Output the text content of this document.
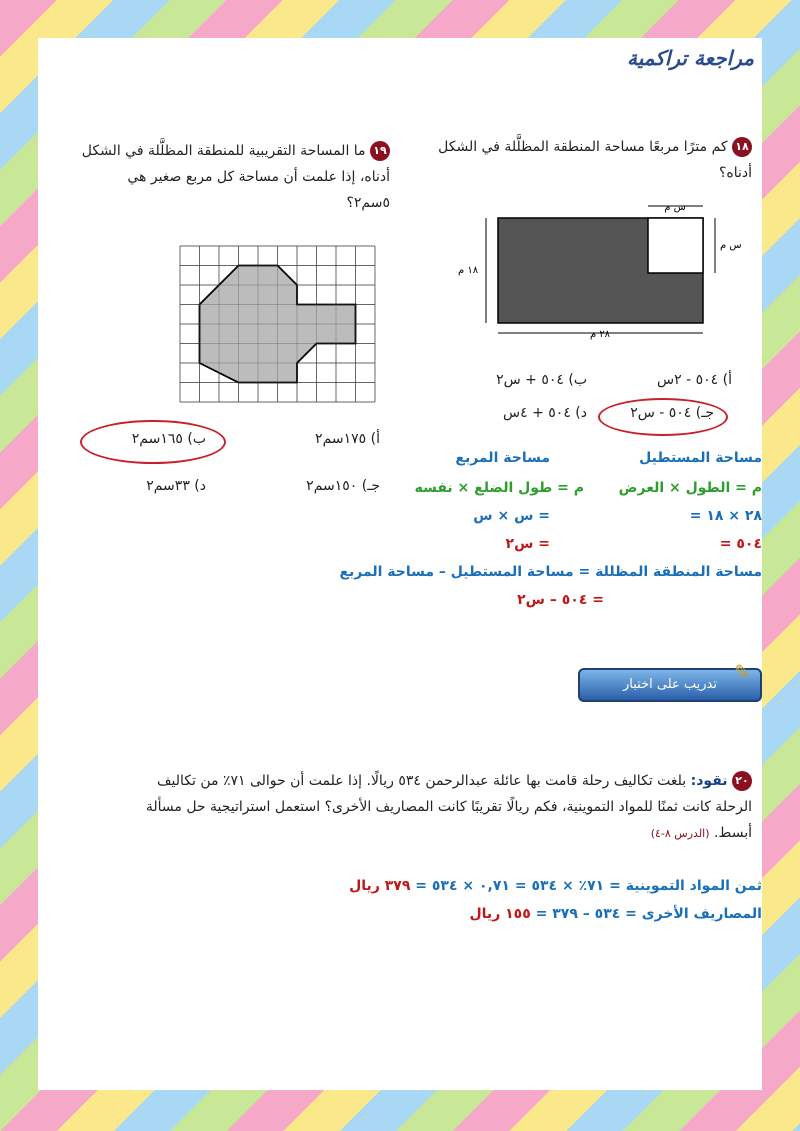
مراجعة تراكمية
١٨ كم مترًا مربعًا مساحة المنطقة المظلَّلة في الشكل
أدناه؟
س م
س م
١٨ م
٢٨ م
أ) ٥٠٤ - ٢س
ب) ٥٠٤ + س٢
جـ) ٥٠٤ - س٢
د) ٥٠٤ + ٤س
مساحة المستطيل
مساحة المربع
م = الطول × العرض
م = طول الضلع × نفسه
= ٢٨ × ١٨
= س × س
= ٥٠٤
= س٢
مساحة المنطقة المظللة = مساحة المستطيل – مساحة المربع
= ٥٠٤ – س٢
١٩ ما المساحة التقريبية للمنطقة المظلَّلة في الشكل
أدناه، إذا علمت أن مساحة كل مربع صغير هي
٥سم٢؟
أ) ١٧٥سم٢
ب) ١٦٥سم٢
جـ) ١٥٠سم٢
د) ٣٣سم٢
تدريب على اختبار
✎
٢٠ نقود: بلغت تكاليف رحلة قامت بها عائلة عبدالرحمن ٥٣٤ ريالًا. إذا علمت أن حوالى ٧١٪ من تكاليف
الرحلة كانت ثمنًا للمواد التموينية، فكم ريالًا تقريبًا كانت المصاريف الأخرى؟ استعمل استراتيجية حل مسألة
أبسط. (الدرس ٨-٤)
ثمن المواد التموينية = ٧١٪ × ٥٣٤ = ٠,٧١ × ٥٣٤ = ٣٧٩ ريال
المصاريف الأخرى = ٥٣٤ – ٣٧٩ = ١٥٥ ريال
